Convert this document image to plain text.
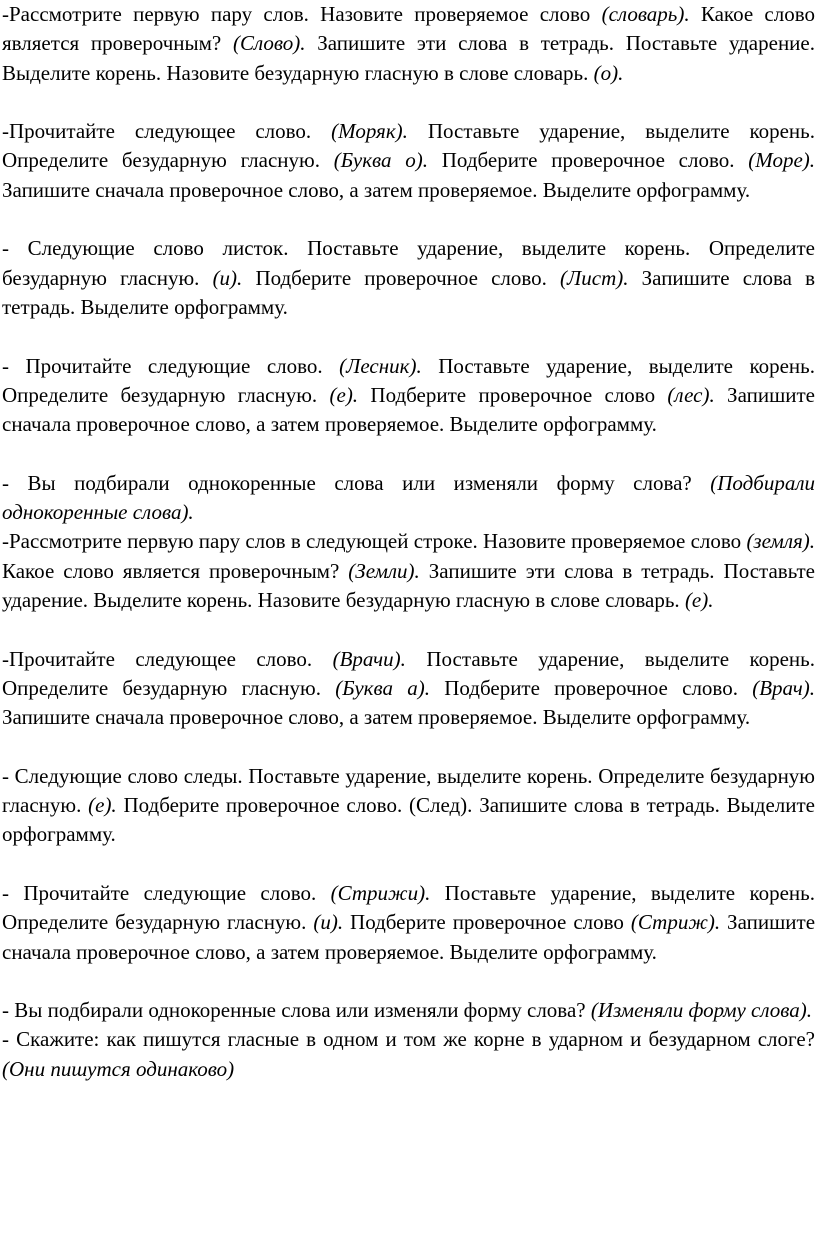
-Рассмотрите первую пару слов. Назовите проверяемое слово (словарь). Какое слово является проверочным? (Слово). Запишите эти слова в тетрадь. Поставьте ударение. Выделите корень. Назовите безударную гласную в слове словарь. (о).

-Прочитайте следующее слово. (Моряк). Поставьте ударение, выделите корень. Определите безударную гласную. (Буква о). Подберите проверочное слово. (Море). Запишите сначала проверочное слово, а затем проверяемое. Выделите орфограмму.

- Следующие слово листок. Поставьте ударение, выделите корень. Определите безударную гласную. (и). Подберите проверочное слово. (Лист). Запишите слова в тетрадь. Выделите орфограмму.

- Прочитайте следующие слово. (Лесник). Поставьте ударение, выделите корень. Определите безударную гласную. (е). Подберите проверочное слово (лес). Запишите сначала проверочное слово, а затем проверяемое. Выделите орфограмму.

- Вы подбирали однокоренные слова или изменяли форму слова? (Подбирали однокоренные слова).

-Рассмотрите первую пару слов в следующей строке. Назовите проверяемое слово (земля). Какое слово является проверочным? (Земли). Запишите эти слова в тетрадь. Поставьте ударение. Выделите корень. Назовите безударную гласную в слове словарь. (е).

-Прочитайте следующее слово. (Врачи). Поставьте ударение, выделите корень. Определите безударную гласную. (Буква а). Подберите проверочное слово. (Врач). Запишите сначала проверочное слово, а затем проверяемое. Выделите орфограмму.

- Следующие слово следы. Поставьте ударение, выделите корень. Определите безударную гласную. (е). Подберите проверочное слово. (След). Запишите слова в тетрадь. Выделите орфограмму.

- Прочитайте следующие слово. (Стрижи). Поставьте ударение, выделите корень. Определите безударную гласную. (и). Подберите проверочное слово (Стриж). Запишите сначала проверочное слово, а затем проверяемое. Выделите орфограмму.

- Вы подбирали однокоренные слова или изменяли форму слова? (Изменяли форму слова).

- Скажите: как пишутся гласные в одном и том же корне в ударном и безударном слоге? (Они пишутся одинаково)
